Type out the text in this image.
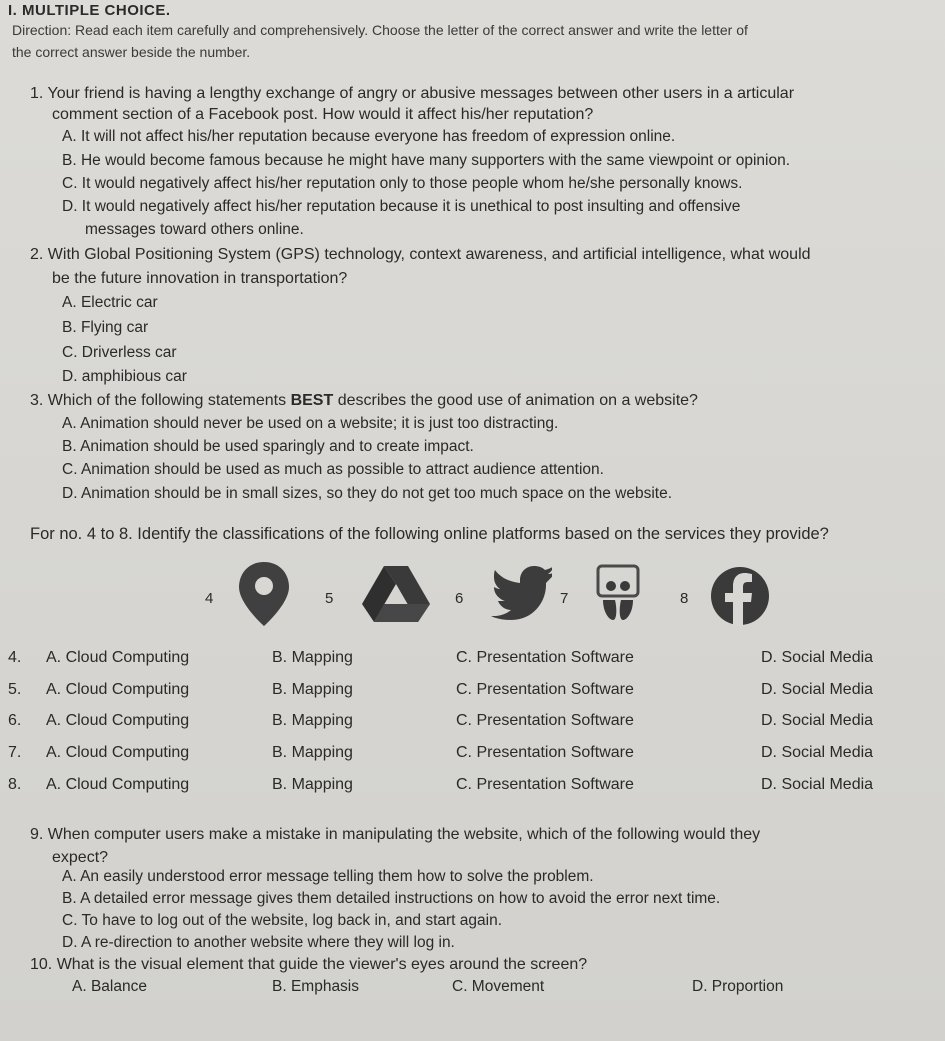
I. MULTIPLE CHOICE.
Direction: Read each item carefully and comprehensively. Choose the letter of the correct answer and write the letter of
the correct answer beside the number.
1. Your friend is having a lengthy exchange of angry or abusive messages between other users in a articular
comment section of a Facebook post. How would it affect his/her reputation?
A. It will not affect his/her reputation because everyone has freedom of expression online.
B. He would become famous because he might have many supporters with the same viewpoint or opinion.
C. It would negatively affect his/her reputation only to those people whom he/she personally knows.
D. It would negatively affect his/her reputation because it is unethical to post insulting and offensive
messages toward others online.
2. With Global Positioning System (GPS) technology, context awareness, and artificial intelligence, what would
be the future innovation in transportation?
A. Electric car
B. Flying car
C. Driverless car
D. amphibious car
3. Which of the following statements BEST describes the good use of animation on a website?
A. Animation should never be used on a website; it is just too distracting.
B. Animation should be used sparingly and to create impact.
C. Animation should be used as much as possible to attract audience attention.
D. Animation should be in small sizes, so they do not get too much space on the website.
For no. 4 to 8. Identify the classifications of the following online platforms based on the services they provide?
4	5	6	7	8
4. A. Cloud Computing	B. Mapping	C. Presentation Software	D. Social Media
5. A. Cloud Computing	B. Mapping	C. Presentation Software	D. Social Media
6. A. Cloud Computing	B. Mapping	C. Presentation Software	D. Social Media
7. A. Cloud Computing	B. Mapping	C. Presentation Software	D. Social Media
8. A. Cloud Computing	B. Mapping	C. Presentation Software	D. Social Media
9. When computer users make a mistake in manipulating the website, which of the following would they
expect?
A. An easily understood error message telling them how to solve the problem.
B. A detailed error message gives them detailed instructions on how to avoid the error next time.
C. To have to log out of the website, log back in, and start again.
D. A re-direction to another website where they will log in.
10. What is the visual element that guide the viewer's eyes around the screen?
A. Balance	B. Emphasis	C. Movement	D. Proportion
